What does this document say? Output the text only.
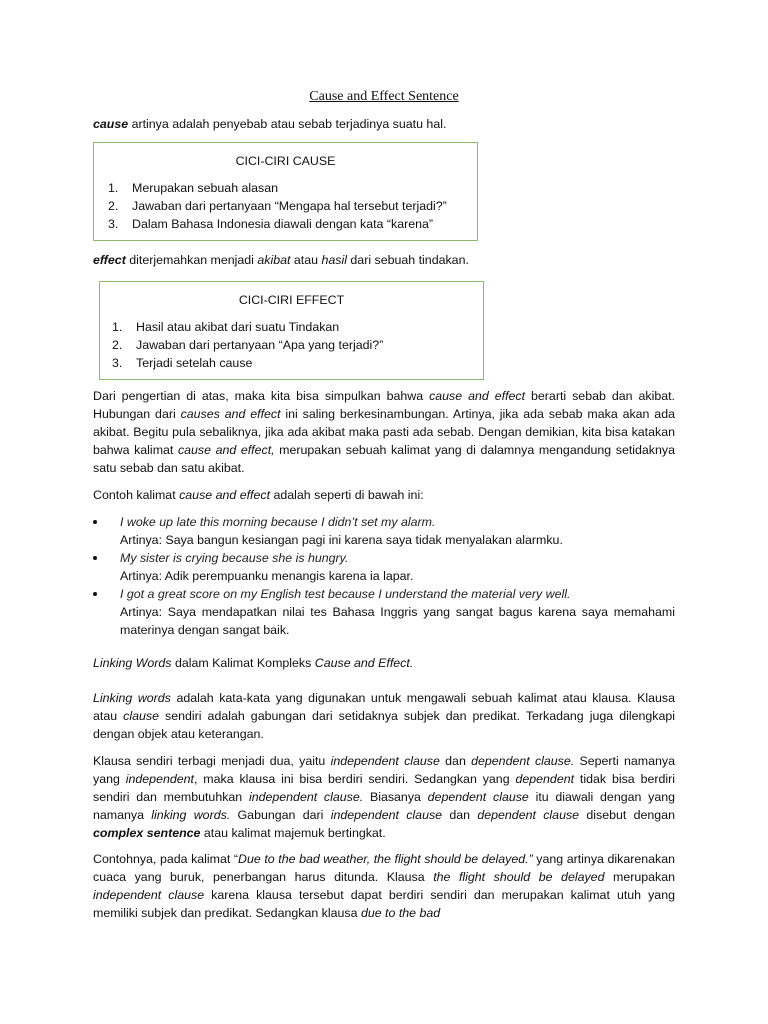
Cause and Effect Sentence
cause artinya adalah penyebab atau sebab terjadinya suatu hal.
CICI-CIRI CAUSE
1.	Merupakan sebuah alasan
2.	Jawaban dari pertanyaan “Mengapa hal tersebut terjadi?”
3.	Dalam Bahasa Indonesia diawali dengan kata “karena”
effect diterjemahkan menjadi akibat atau hasil dari sebuah tindakan.
CICI-CIRI EFFECT
1.	Hasil atau akibat dari suatu Tindakan
2.	Jawaban dari pertanyaan “Apa yang terjadi?”
3.	Terjadi setelah cause

Dari pengertian di atas, maka kita bisa simpulkan bahwa cause and effect berarti sebab dan akibat. Hubungan dari causes and effect ini saling berkesinambungan. Artinya, jika ada sebab maka akan ada akibat. Begitu pula sebaliknya, jika ada akibat maka pasti ada sebab. Dengan demikian, kita bisa katakan bahwa kalimat cause and effect, merupakan sebuah kalimat yang di dalamnya mengandung setidaknya satu sebab dan satu akibat.

Contoh kalimat cause and effect adalah seperti di bawah ini:
I woke up late this morning because I didn’t set my alarm.
Artinya: Saya bangun kesiangan pagi ini karena saya tidak menyalakan alarmku.
My sister is crying because she is hungry.
Artinya: Adik perempuanku menangis karena ia lapar.
I got a great score on my English test because I understand the material very well.
Artinya: Saya mendapatkan nilai tes Bahasa Inggris yang sangat bagus karena saya memahami materinya dengan sangat baik.
Linking Words dalam Kalimat Kompleks Cause and Effect.

Linking words adalah kata-kata yang digunakan untuk mengawali sebuah kalimat atau klausa. Klausa atau clause sendiri adalah gabungan dari setidaknya subjek dan predikat. Terkadang juga dilengkapi dengan objek atau keterangan.

Klausa sendiri terbagi menjadi dua, yaitu independent clause dan dependent clause. Seperti namanya yang independent, maka klausa ini bisa berdiri sendiri. Sedangkan yang dependent tidak bisa berdiri sendiri dan membutuhkan independent clause. Biasanya dependent clause itu diawali dengan yang namanya linking words. Gabungan dari independent clause dan dependent clause disebut dengan complex sentence atau kalimat majemuk bertingkat.

Contohnya, pada kalimat “Due to the bad weather, the flight should be delayed.” yang artinya dikarenakan cuaca yang buruk, penerbangan harus ditunda. Klausa the flight should be delayed merupakan independent clause karena klausa tersebut dapat berdiri sendiri dan merupakan kalimat utuh yang memiliki subjek dan predikat. Sedangkan klausa due to the bad
